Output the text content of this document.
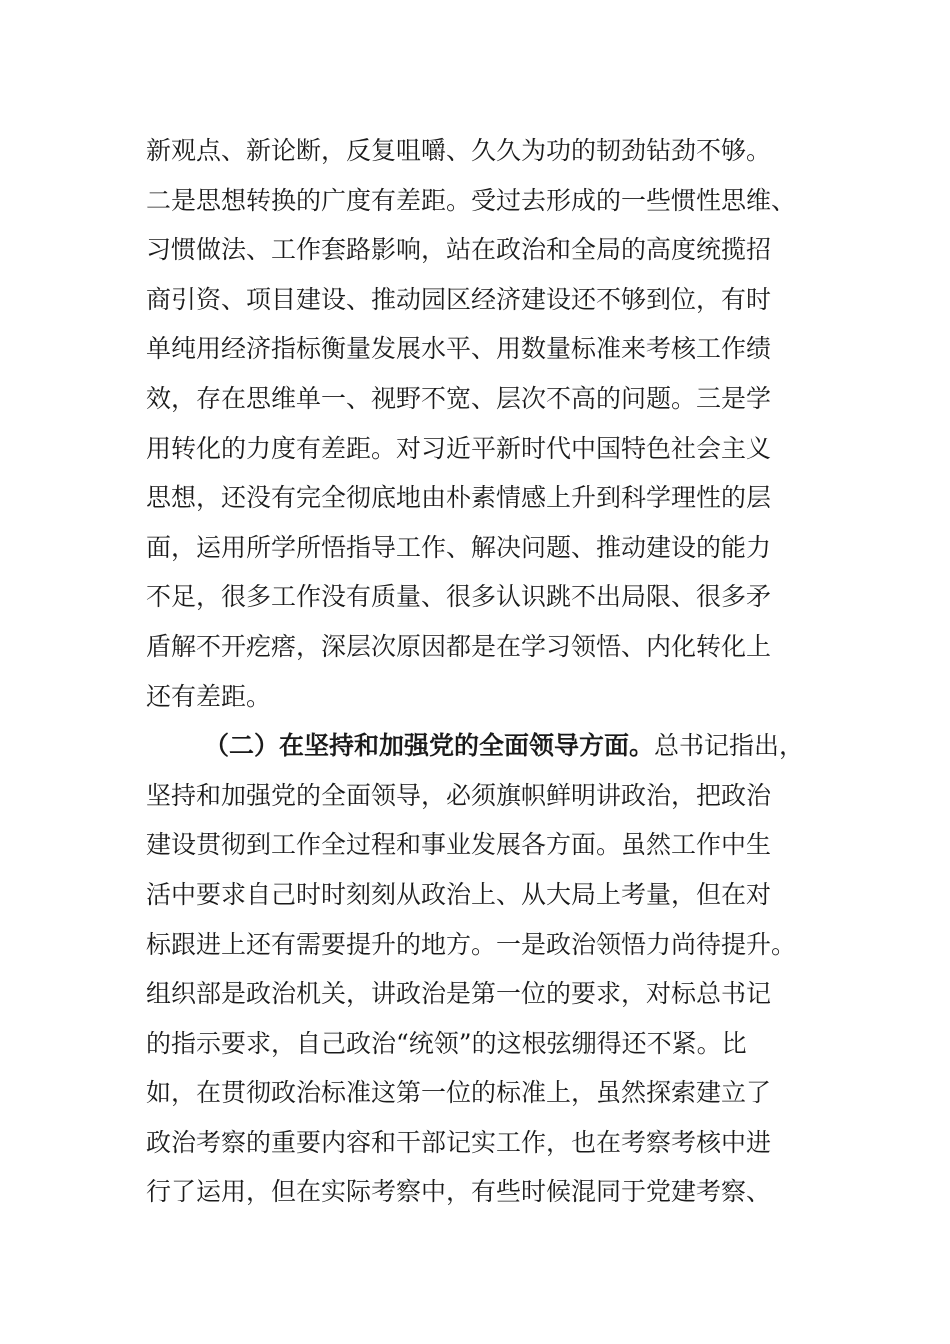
新观点、新论断，反复咀嚼、久久为功的韧劲钻劲不够。
二是思想转换的广度有差距。受过去形成的一些惯性思维、
习惯做法、工作套路影响，站在政治和全局的高度统揽招
商引资、项目建设、推动园区经济建设还不够到位，有时
单纯用经济指标衡量发展水平、用数量标准来考核工作绩
效，存在思维单一、视野不宽、层次不高的问题。三是学
用转化的力度有差距。对习近平新时代中国特色社会主义
思想，还没有完全彻底地由朴素情感上升到科学理性的层
面，运用所学所悟指导工作、解决问题、推动建设的能力
不足，很多工作没有质量、很多认识跳不出局限、很多矛
盾解不开疙瘩，深层次原因都是在学习领悟、内化转化上
还有差距。
（二）在坚持和加强党的全面领导方面。总书记指出，
坚持和加强党的全面领导，必须旗帜鲜明讲政治，把政治
建设贯彻到工作全过程和事业发展各方面。虽然工作中生
活中要求自己时时刻刻从政治上、从大局上考量，但在对
标跟进上还有需要提升的地方。一是政治领悟力尚待提升。
组织部是政治机关，讲政治是第一位的要求，对标总书记
的指示要求，自己政治“统领”的这根弦绷得还不紧。比
如，在贯彻政治标准这第一位的标准上，虽然探索建立了
政治考察的重要内容和干部记实工作，也在考察考核中进
行了运用，但在实际考察中，有些时候混同于党建考察、
